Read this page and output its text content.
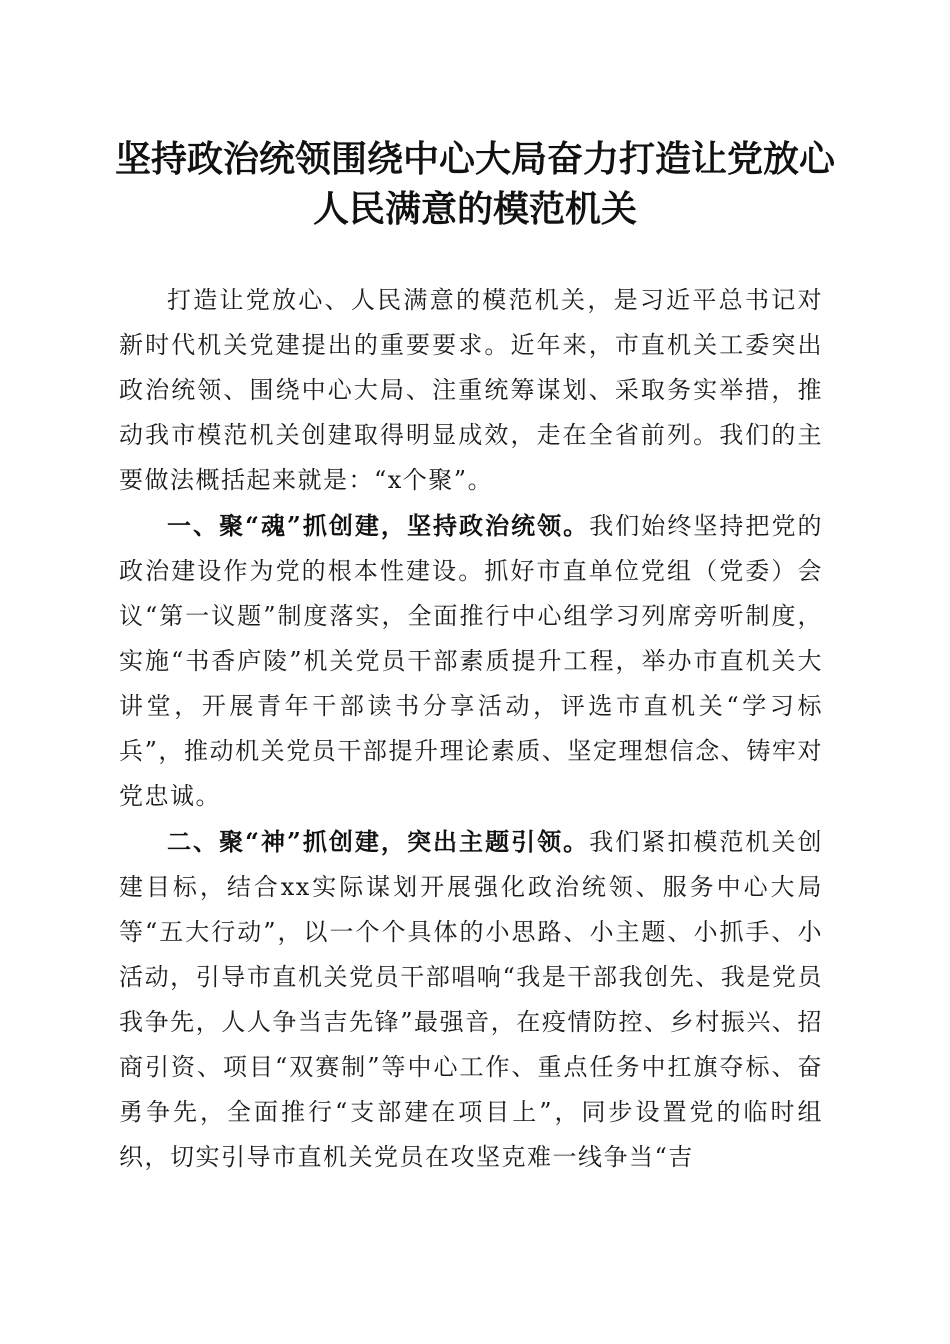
坚持政治统领围绕中心大局奋力打造让党放心
人民满意的模范机关

打造让党放心、人民满意的模范机关，是习近平总书记对新时代机关党建提出的重要要求。近年来，市直机关工委突出政治统领、围绕中心大局、注重统筹谋划、采取务实举措，推动我市模范机关创建取得明显成效，走在全省前列。我们的主要做法概括起来就是：“x个聚”。

一、聚“魂”抓创建，坚持政治统领。我们始终坚持把党的政治建设作为党的根本性建设。抓好市直单位党组（党委）会议“第一议题”制度落实，全面推行中心组学习列席旁听制度，实施“书香庐陵”机关党员干部素质提升工程，举办市直机关大讲堂，开展青年干部读书分享活动，评选市直机关“学习标兵”，推动机关党员干部提升理论素质、坚定理想信念、铸牢对党忠诚。

二、聚“神”抓创建，突出主题引领。我们紧扣模范机关创建目标，结合xx实际谋划开展强化政治统领、服务中心大局等“五大行动”，以一个个具体的小思路、小主题、小抓手、小活动，引导市直机关党员干部唱响“我是干部我创先、我是党员我争先，人人争当吉先锋”最强音，在疫情防控、乡村振兴、招商引资、项目“双赛制”等中心工作、重点任务中扛旗夺标、奋勇争先，全面推行“支部建在项目上”，同步设置党的临时组织，切实引导市直机关党员在攻坚克难一线争当“吉
